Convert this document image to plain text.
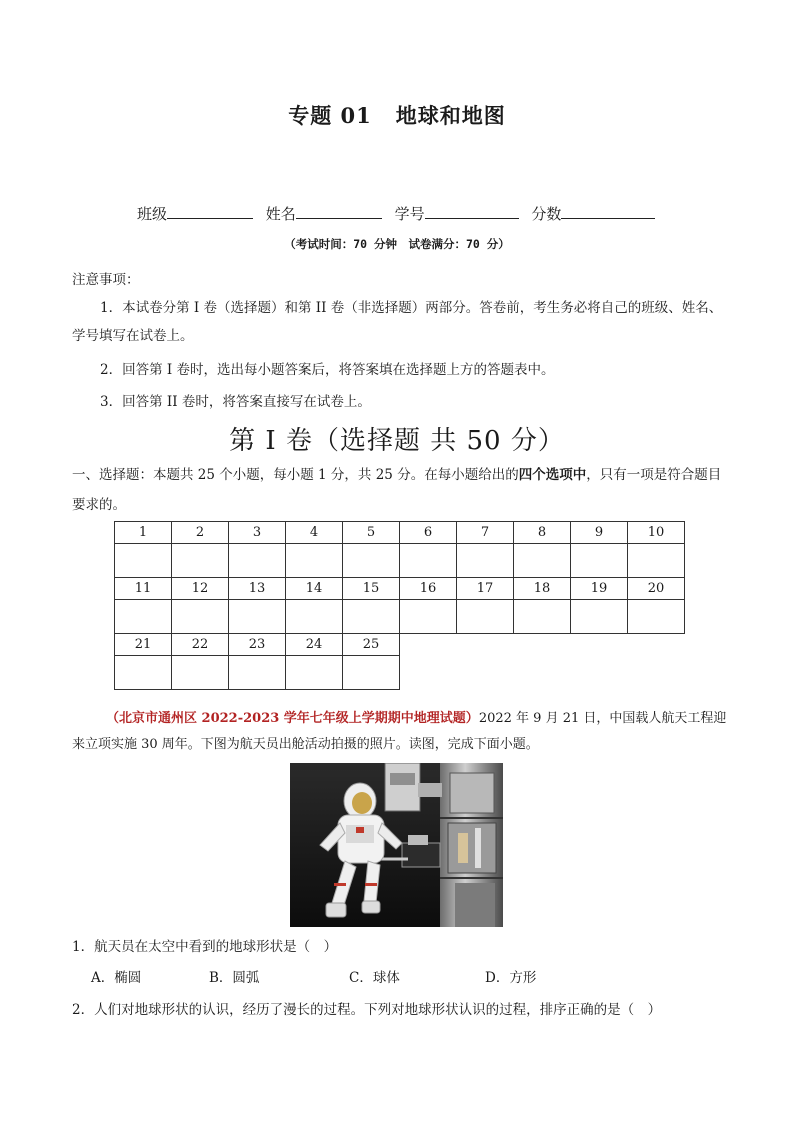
专题 01 地球和地图
班级	姓名	学号	分数
（考试时间：70 分钟　试卷满分：70 分）
注意事项：
1．本试卷分第 I 卷（选择题）和第 II 卷（非选择题）两部分。答卷前，考生务必将自己的班级、姓名、学号填写在试卷上。
2．回答第 I 卷时，选出每小题答案后，将答案填在选择题上方的答题表中。
3．回答第 II 卷时，将答案直接写在试卷上。
第 I 卷（选择题 共 50 分）
一、选择题：本题共 25 个小题，每小题 1 分，共 25 分。在每小题给出的四个选项中，只有一项是符合题目要求的。
1	2	3	4	5	6	7	8	9	10

11	12	13	14	15	16	17	18	19	20

21	22	23	24	25					

（北京市通州区 2022-2023 学年七年级上学期期中地理试题）2022 年 9 月 21 日，中国载人航天工程迎来立项实施 30 周年。下图为航天员出舱活动拍摄的照片。读图，完成下面小题。
1．航天员在太空中看到的地球形状是（　）
A．椭圆	B．圆弧	C．球体	D．方形
2．人们对地球形状的认识，经历了漫长的过程。下列对地球形状认识的过程，排序正确的是（　）
